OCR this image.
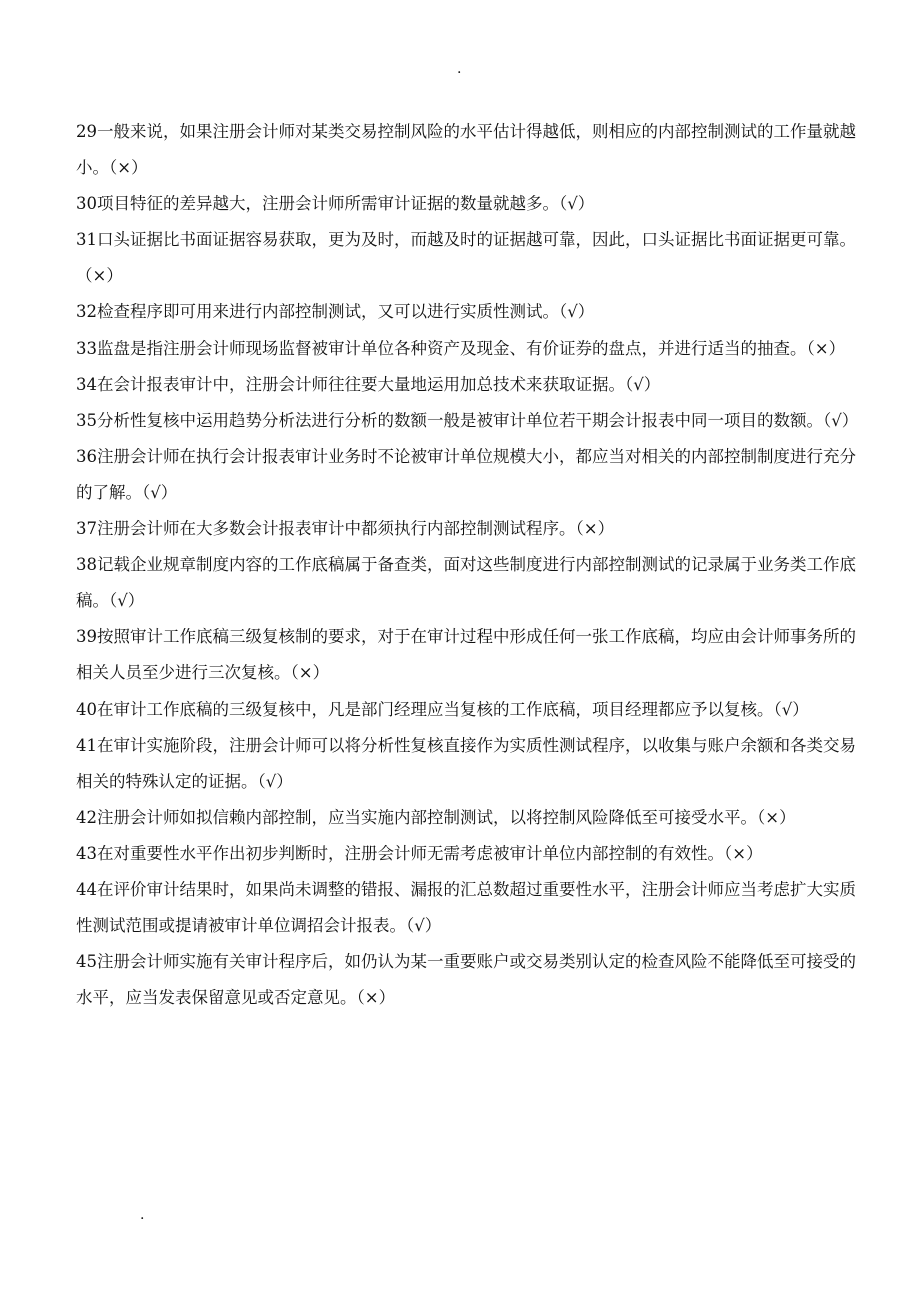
.

29一般来说，如果注册会计师对某类交易控制风险的水平估计得越低，则相应的内部控制测试的工作量就越小。（×）

30项目特征的差异越大，注册会计师所需审计证据的数量就越多。（√）

31口头证据比书面证据容易获取，更为及时，而越及时的证据越可靠，因此，口头证据比书面证据更可靠。（×）

32检查程序即可用来进行内部控制测试，又可以进行实质性测试。（√）

33监盘是指注册会计师现场监督被审计单位各种资产及现金、有价证券的盘点，并进行适当的抽查。（×）

34在会计报表审计中，注册会计师往往要大量地运用加总技术来获取证据。（√）

35分析性复核中运用趋势分析法进行分析的数额一般是被审计单位若干期会计报表中同一项目的数额。（√）

36注册会计师在执行会计报表审计业务时不论被审计单位规模大小，都应当对相关的内部控制制度进行充分的了解。（√）

37注册会计师在大多数会计报表审计中都须执行内部控制测试程序。（×）

38记载企业规章制度内容的工作底稿属于备查类，面对这些制度进行内部控制测试的记录属于业务类工作底稿。（√）

39按照审计工作底稿三级复核制的要求，对于在审计过程中形成任何一张工作底稿，均应由会计师事务所的相关人员至少进行三次复核。（×）

40在审计工作底稿的三级复核中，凡是部门经理应当复核的工作底稿，项目经理都应予以复核。（√）

41在审计实施阶段，注册会计师可以将分析性复核直接作为实质性测试程序，以收集与账户余额和各类交易相关的特殊认定的证据。（√）

42注册会计师如拟信赖内部控制，应当实施内部控制测试，以将控制风险降低至可接受水平。（×）

43在对重要性水平作出初步判断时，注册会计师无需考虑被审计单位内部控制的有效性。（×）

44在评价审计结果时，如果尚未调整的错报、漏报的汇总数超过重要性水平，注册会计师应当考虑扩大实质性测试范围或提请被审计单位调招会计报表。（√）

45注册会计师实施有关审计程序后，如仍认为某一重要账户或交易类别认定的检查风险不能降低至可接受的水平，应当发表保留意见或否定意见。（×）

.
